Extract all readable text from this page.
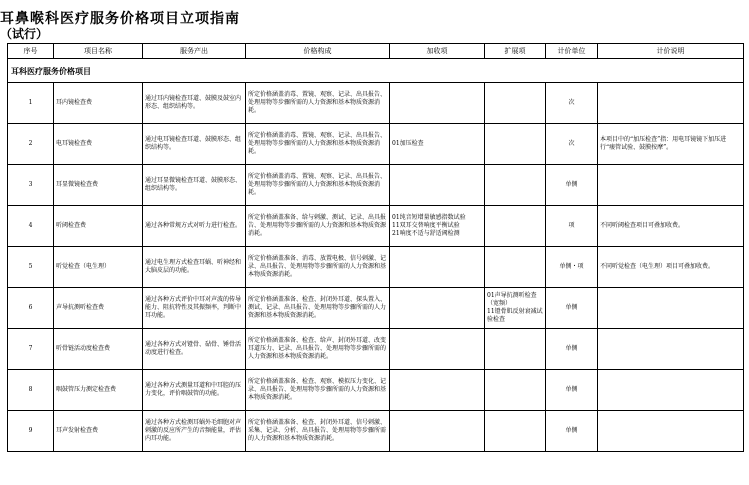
耳鼻喉科医疗服务价格项目立项指南
（试行）
序号	项目名称	服务产出	价格构成	加收项	扩展项	计价单位	计价说明
耳科医疗服务价格项目							
1	耳内镜检查费	通过耳内镜检查耳道、鼓膜及鼓室内形态、组织结构等。	所定价格涵盖消毒、置镜、观察、记录、出具报告、处理用物等步骤所需的人力资源和基本物质资源消耗。			次	
2	电耳镜检查费	通过电耳镜检查耳道、鼓膜形态、组织结构等。	所定价格涵盖消毒、置镜、观察、记录、出具报告、处理用物等步骤所需的人力资源和基本物质资源消耗。	01加压检查		次	本项目中的“加压检查”指：用电耳镜镜下加压进行“瘘管试验、鼓膜按摩”。
3	耳显微镜检查费	通过耳显微镜检查耳道、鼓膜形态、组织结构等。	所定价格涵盖消毒、置镜、观察、记录、出具报告、处理用物等步骤所需的人力资源和基本物质资源消耗。			单侧	
4	听阈检查费	通过各种常规方式对听力进行检查。	所定价格涵盖准备、给与刺激、测试、记录、出具报告、处理用物等步骤所需的人力资源和基本物质资源消耗。	01纯音短增量敏感指数试验
11双耳交替响度平衡试验
21响度不适与舒适阈检测		项	不同听阈检查项目可叠加收费。
5	听觉检查（电生理）	通过电生理方式检查耳蜗、听神经和大脑皮层的功能。	所定价格涵盖准备、消毒、放置电极、信号刺激、记录、出具报告、处理用物等步骤所需的人力资源和基本物质资源消耗。			单侧・项	不同听觉检查（电生理）项目可叠加收费。
6	声导抗测听检查费	通过各种方式评价中耳对声波的传导能力、阻抗特性及其振频率，判断中耳功能。	所定价格涵盖准备、检查、封闭外耳道、探头置入、测试、记录、出具报告、处理用物等步骤所需的人力资源和基本物质资源消耗。		01声导抗测听检查（宽频）
11镫骨肌反射衰减试验检查	单侧	
7	听骨链活动度检查费	通过各种方式对镫骨、砧骨、锤骨活动度进行检查。	所定价格涵盖准备、检查、给声、封闭外耳道、改变耳道压力、记录、出具报告、处理用物等步骤所需的人力资源和基本物质资源消耗。			单侧	
8	咽鼓管压力测定检查费	通过各种方式测量耳道和中耳腔的压力变化，评价咽鼓管的功能。	所定价格涵盖准备、检查、观察、模拟压力变化、记录、出具报告、处理用物等步骤所需的人力资源和基本物质资源消耗。			单侧	
9	耳声发射检查费	通过各种方式检测耳蜗外毛细胞对声刺激的反应所产生的音频能量，评估内耳功能。	所定价格涵盖准备、检查、封闭外耳道、信号刺激、采集、记录、分析、出具报告、处理用物等步骤所需的人力资源和基本物质资源消耗。			单侧	
